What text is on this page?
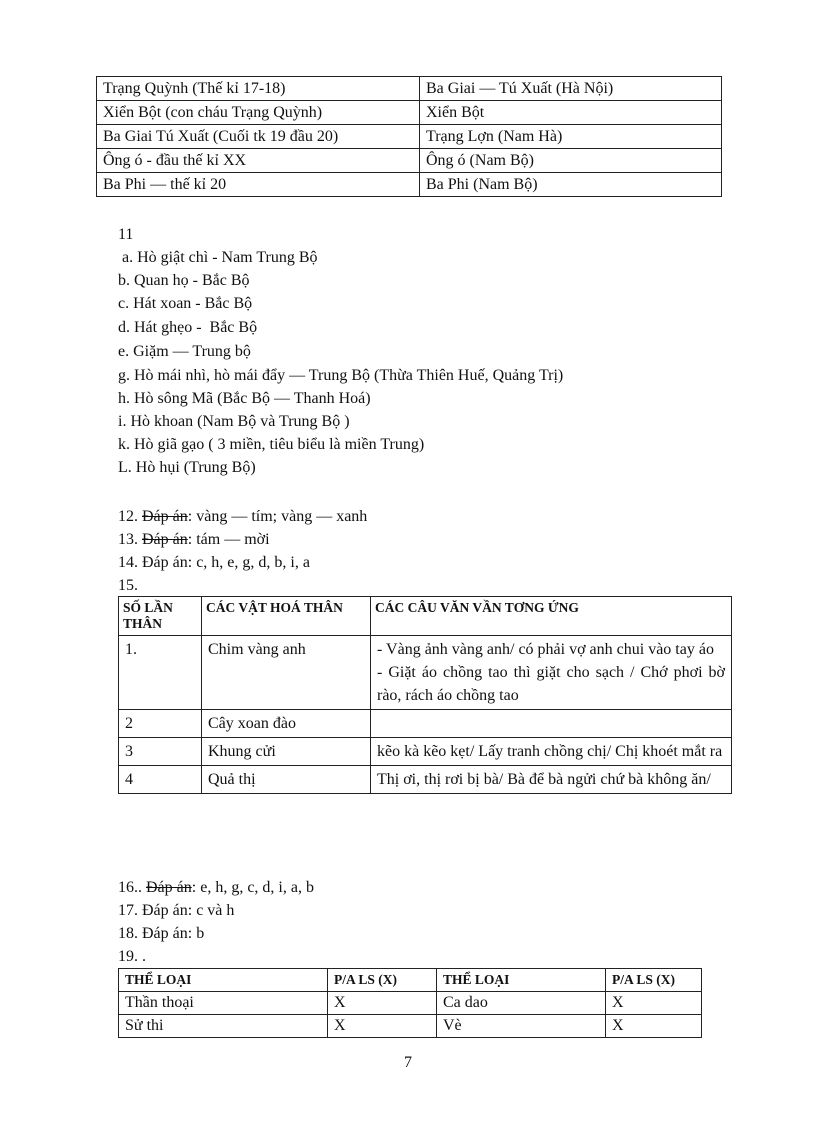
Trạng Quỳnh (Thế kỉ 17-18)	Ba Giai — Tú Xuất (Hà Nội)
Xiển Bột (con cháu Trạng Quỳnh)	Xiển Bột
Ba Giai Tú Xuất (Cuối tk 19 đầu 20)	Trạng Lợn (Nam Hà)
Ông ó - đầu thế kỉ XX	Ông ó (Nam Bộ)
Ba Phi — thế kỉ 20	Ba Phi (Nam Bộ)
11
a. Hò giật chì - Nam Trung Bộ
b. Quan họ - Bắc Bộ
c. Hát xoan - Bắc Bộ
d. Hát ghẹo -  Bắc Bộ
e. Giặm — Trung bộ
g. Hò mái nhì, hò mái đẩy — Trung Bộ (Thừa Thiên Huế, Quảng Trị)
h. Hò sông Mã (Bắc Bộ — Thanh Hoá)
i. Hò khoan (Nam Bộ và Trung Bộ )
k. Hò giã gạo ( 3 miền, tiêu biểu là miền Trung)
L. Hò hụi (Trung Bộ)
12. Đáp án: vàng — tím; vàng — xanh
13. Đáp án: tám — mời
14. Đáp án: c, h, e, g, d, b, i, a
15.
SỐ LẦN THÂN	CÁC VẬT HOÁ THÂN	CÁC CÂU VĂN VẦN TƠNG ỨNG
1.	Chim vàng anh	- Vàng ảnh vàng anh/ có phải vợ anh chui vào tay áo
- Giặt áo chồng tao thì giặt cho sạch / Chớ phơi bờ rào, rách áo chồng tao

2	Cây xoan đào	
3	Khung cửi	kẽo kà kẽo kẹt/ Lấy tranh chồng chị/ Chị khoét mắt ra
4	Quả thị	Thị ơi, thị rơi bị bà/ Bà để bà ngửi chứ bà không ăn/
16.. Đáp án: e, h, g, c, d, i, a, b
17. Đáp án: c và h
18. Đáp án: b
19. .
THỂ LOẠI	P/A LS (X)	THỂ LOẠI	P/A LS (X)
Thần thoại	X	Ca dao	X
Sử thi	X	Vè	X
7
